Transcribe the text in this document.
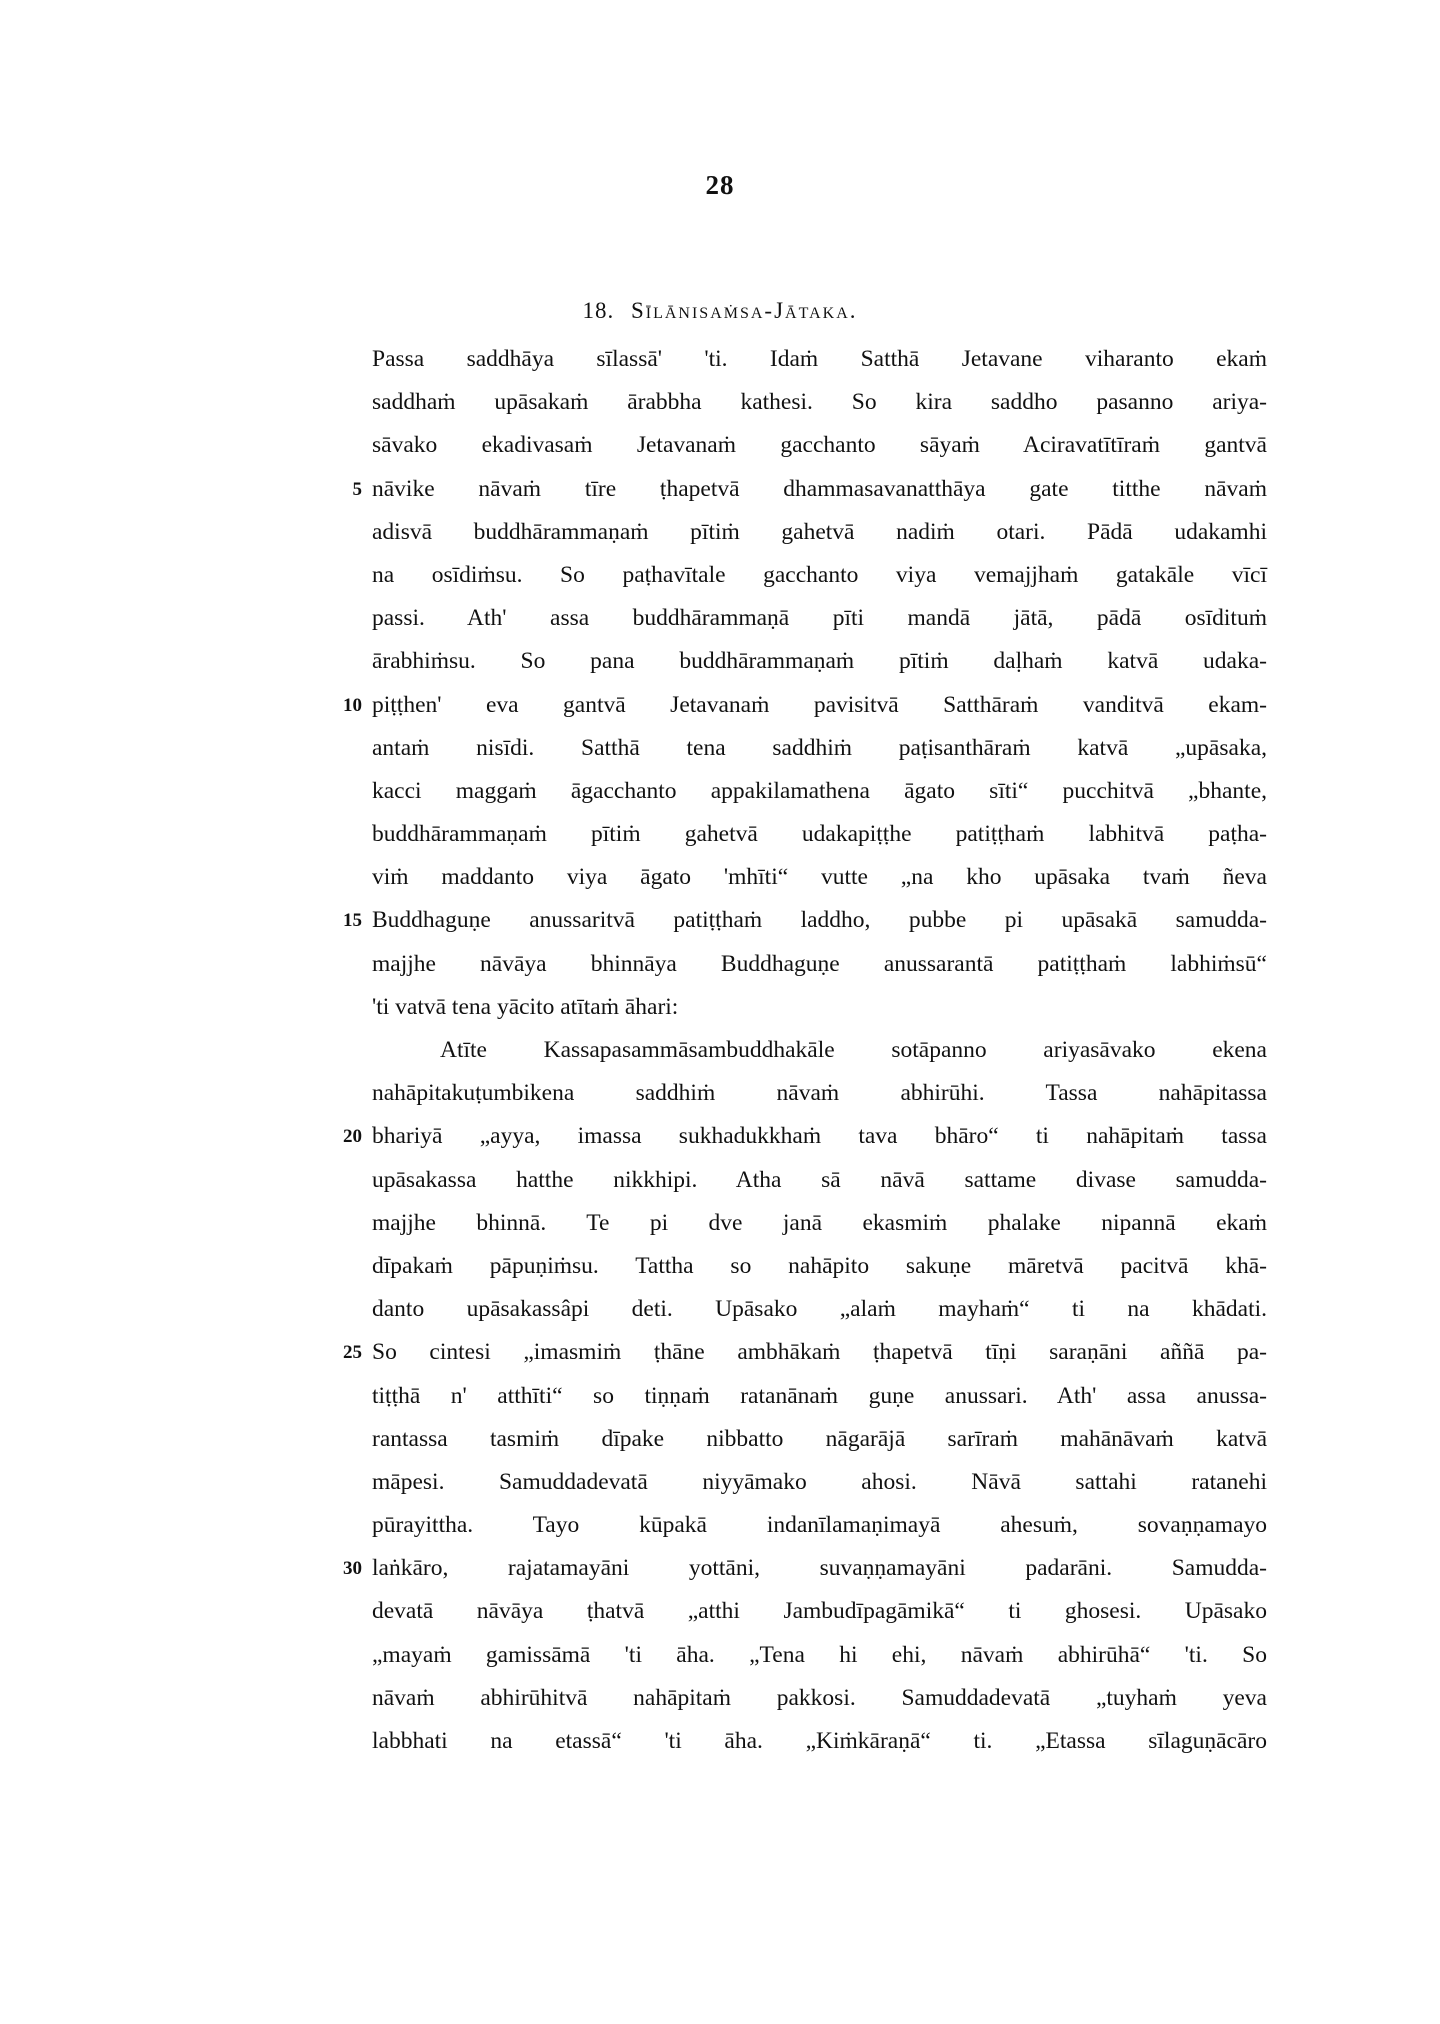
28
18. Sīlānisaṁsa-Jātaka.
Passa saddhāya sīlassā' 'ti. Idaṁ Satthā Jetavane viharanto ekaṁ
saddhaṁ upāsakaṁ ārabbha kathesi. So kira saddho pasanno ariya-
sāvako ekadivasaṁ Jetavanaṁ gacchanto sāyaṁ Aciravatītīraṁ gantvā
5 nāvike nāvaṁ tīre ṭhapetvā dhammasavanatthāya gate titthe nāvaṁ
adisvā buddhārammaṇaṁ pītiṁ gahetvā nadiṁ otari. Pādā udakamhi
na osīdiṁsu. So paṭhavītale gacchanto viya vemajjhaṁ gatakāle vīcī
passi. Ath' assa buddhārammaṇā pīti mandā jātā, pādā osīdituṁ
ārabhiṁsu. So pana buddhārammaṇaṁ pītiṁ daḷhaṁ katvā udaka-
10 piṭṭhen' eva gantvā Jetavanaṁ pavisitvā Satthāraṁ vanditvā ekam-
antaṁ nisīdi. Satthā tena saddhiṁ paṭisanthāraṁ katvā „upāsaka,
kacci maggaṁ āgacchanto appakilamathena āgato sīti“ pucchitvā „bhante,
buddhārammaṇaṁ pītiṁ gahetvā udakapiṭṭhe patiṭṭhaṁ labhitvā paṭha-
viṁ maddanto viya āgato 'mhīti“ vutte „na kho upāsaka tvaṁ ñeva
15 Buddhaguṇe anussaritvā patiṭṭhaṁ laddho, pubbe pi upāsakā samudda-
majjhe nāvāya bhinnāya Buddhaguṇe anussarantā patiṭṭhaṁ labhiṁsū“
'ti vatvā tena yācito atītaṁ āhari:
Atīte Kassapasammāsambuddhakāle sotāpanno ariyasāvako ekena
nahāpitakuṭumbikena saddhiṁ nāvaṁ abhirūhi. Tassa nahāpitassa
20 bhariyā „ayya, imassa sukhadukkhaṁ tava bhāro“ ti nahāpitaṁ tassa
upāsakassa hatthe nikkhipi. Atha sā nāvā sattame divase samudda-
majjhe bhinnā. Te pi dve janā ekasmiṁ phalake nipannā ekaṁ
dīpakaṁ pāpuṇiṁsu. Tattha so nahāpito sakuṇe māretvā pacitvā khā-
danto upāsakassâpi deti. Upāsako „alaṁ mayhaṁ“ ti na khādati.
25 So cintesi „imasmiṁ ṭhāne ambhākaṁ ṭhapetvā tīṇi saraṇāni aññā pa-
tiṭṭhā n' atthīti“ so tiṇṇaṁ ratanānaṁ guṇe anussari. Ath' assa anussa-
rantassa tasmiṁ dīpake nibbatto nāgarājā sarīraṁ mahānāvaṁ katvā
māpesi. Samuddadevatā niyyāmako ahosi. Nāvā sattahi ratanehi
pūrayittha. Tayo kūpakā indanīlamaṇimayā ahesuṁ, sovaṇṇamayo
30 laṅkāro, rajatamayāni yottāni, suvaṇṇamayāni padarāni. Samudda-
devatā nāvāya ṭhatvā „atthi Jambudīpagāmikā“ ti ghosesi. Upāsako
„mayaṁ gamissāmā 'ti āha. „Tena hi ehi, nāvaṁ abhirūhā“ 'ti. So
nāvaṁ abhirūhitvā nahāpitaṁ pakkosi. Samuddadevatā „tuyhaṁ yeva
labbhati na etassā“ 'ti āha. „Kiṁkāraṇā“ ti. „Etassa sīlaguṇācāro
